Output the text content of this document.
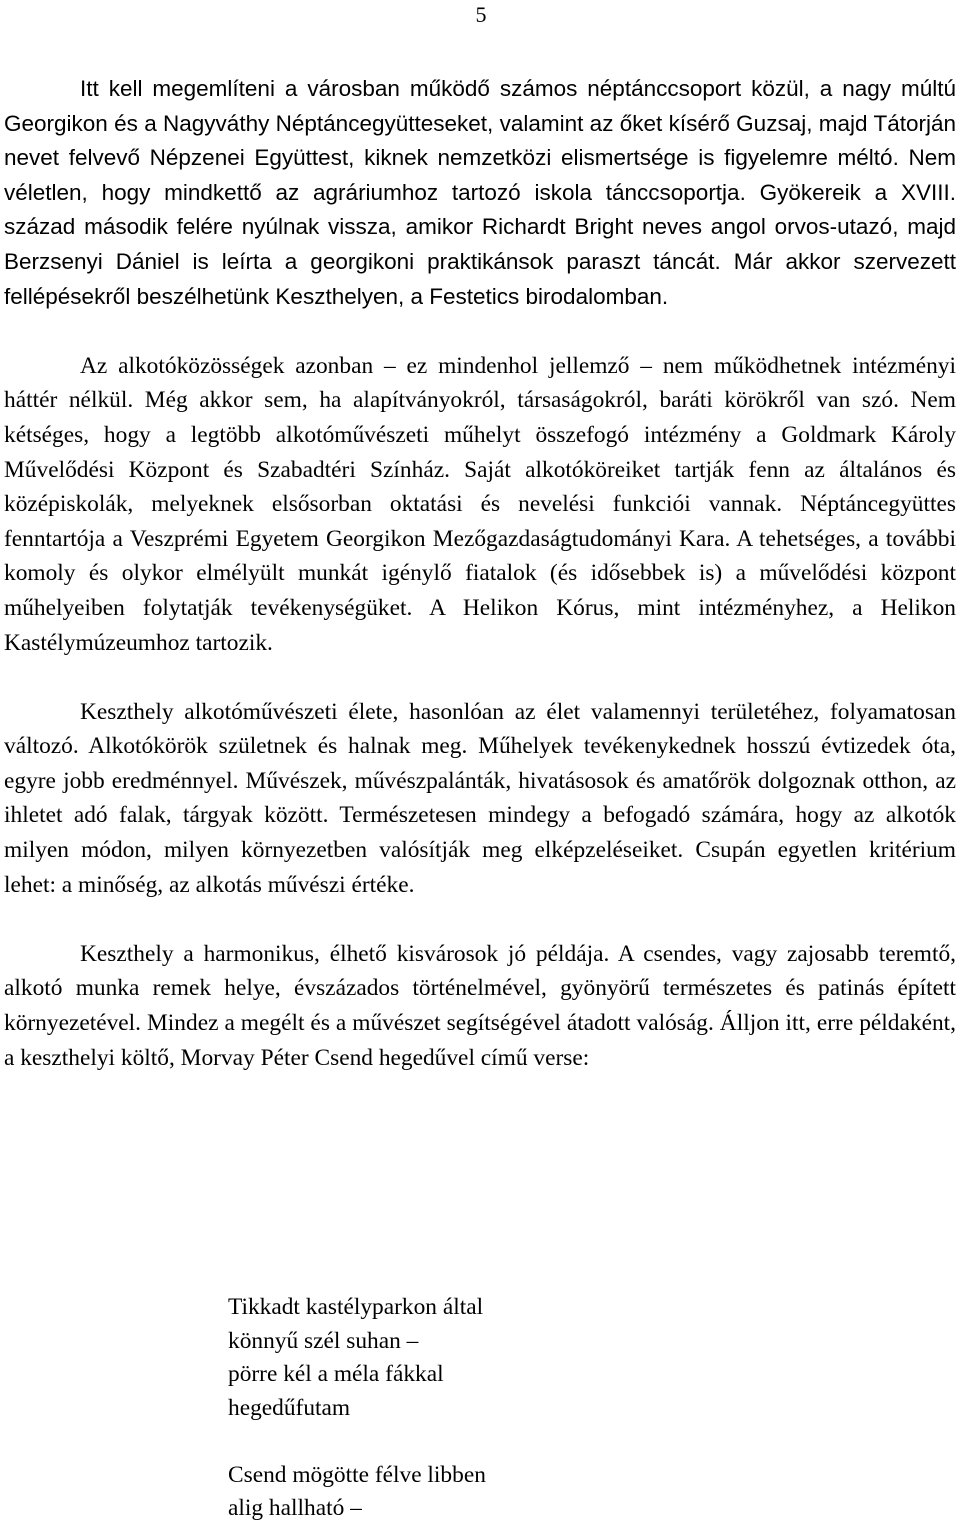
5

Itt kell megemlíteni a városban működő számos néptánccsoport közül, a nagy múltú Georgikon és a Nagyváthy Néptáncegyütteseket, valamint az őket kísérő Guzsaj, majd Tátorján nevet felvevő Népzenei Együttest, kiknek nemzetközi elismertsége is figyelemre méltó. Nem véletlen, hogy mindkettő az agráriumhoz tartozó iskola tánccsoportja. Gyökereik a XVIII. század második felére nyúlnak vissza, amikor Richardt Bright neves angol orvos-utazó, majd Berzsenyi Dániel is leírta a georgikoni praktikánsok paraszt táncát. Már akkor szervezett fellépésekről beszélhetünk Keszthelyen, a Festetics birodalomban.

Az alkotóközösségek azonban – ez mindenhol jellemző – nem működhetnek intézményi háttér nélkül. Még akkor sem, ha alapítványokról, társaságokról, baráti körökről van szó. Nem kétséges, hogy a legtöbb alkotóművészeti műhelyt összefogó intézmény a Goldmark Károly Művelődési Központ és Szabadtéri Színház. Saját alkotóköreiket tartják fenn az általános és középiskolák, melyeknek elsősorban oktatási és nevelési funkciói vannak. Néptáncegyüttes fenntartója a Veszprémi Egyetem Georgikon Mezőgazdaságtudományi Kara. A tehetséges, a további komoly és olykor elmélyült munkát igénylő fiatalok (és idősebbek is) a művelődési központ műhelyeiben folytatják tevékenységüket. A Helikon Kórus, mint intézményhez, a Helikon Kastélymúzeumhoz tartozik.

Keszthely alkotóművészeti élete, hasonlóan az élet valamennyi területéhez, folyamatosan változó. Alkotókörök születnek és halnak meg. Műhelyek tevékenykednek hosszú évtizedek óta, egyre jobb eredménnyel. Művészek, művészpalánták, hivatásosok és amatőrök dolgoznak otthon, az ihletet adó falak, tárgyak között. Természetesen mindegy a befogadó számára, hogy az alkotók milyen módon, milyen környezetben valósítják meg elképzeléseiket. Csupán egyetlen kritérium lehet: a minőség, az alkotás művészi értéke.

Keszthely a harmonikus, élhető kisvárosok jó példája. A csendes, vagy zajosabb teremtő, alkotó munka remek helye, évszázados történelmével, gyönyörű természetes és patinás épített környezetével. Mindez a megélt és a művészet segítségével átadott valóság. Álljon itt, erre példaként, a keszthelyi költő, Morvay Péter Csend hegedűvel című verse:

Tikkadt kastélyparkon által
könnyű szél suhan –
pörre kél a méla fákkal
hegedűfutam
Csend mögötte félve libben
alig hallható –
